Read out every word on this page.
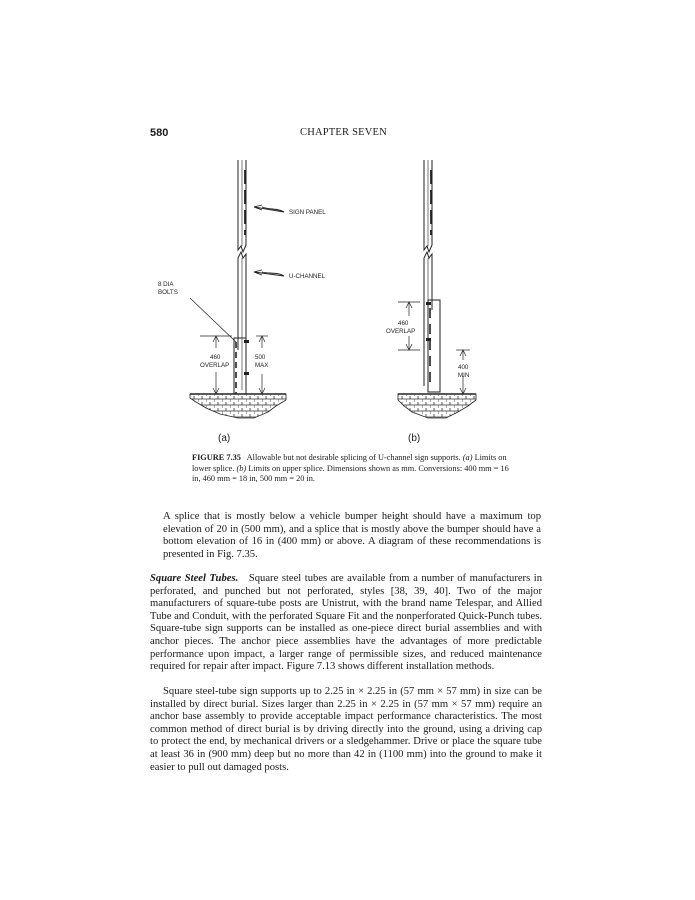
580	CHAPTER SEVEN
SIGN PANEL
U-CHANNEL
8 DIA
BOLTS
460
OVERLAP
500
MAX
460
OVERLAP
400
MIN
(a)	(b)
FIGURE 7.35 Allowable but not desirable splicing of U-channel sign supports. (a) Limits on lower splice. (b) Limits on upper splice. Dimensions shown as mm. Conversions: 400 mm = 16 in, 460 mm = 18 in, 500 mm = 20 in.

A splice that is mostly below a vehicle bumper height should have a maximum top elevation of 20 in (500 mm), and a splice that is mostly above the bumper should have a bottom elevation of 16 in (400 mm) or above. A diagram of these recommendations is presented in Fig. 7.35.

Square Steel Tubes. Square steel tubes are available from a number of manufacturers in perforated, and punched but not perforated, styles [38, 39, 40]. Two of the major manufacturers of square-tube posts are Unistrut, with the brand name Telespar, and Allied Tube and Conduit, with the perforated Square Fit and the nonperforated Quick-Punch tubes. Square-tube sign supports can be installed as one-piece direct burial assemblies and with anchor pieces. The anchor piece assemblies have the advantages of more predictable performance upon impact, a larger range of permissible sizes, and reduced maintenance required for repair after impact. Figure 7.13 shows different installation methods.

Square steel-tube sign supports up to 2.25 in × 2.25 in (57 mm × 57 mm) in size can be installed by direct burial. Sizes larger than 2.25 in × 2.25 in (57 mm × 57 mm) require an anchor base assembly to provide acceptable impact performance characteristics. The most common method of direct burial is by driving directly into the ground, using a driving cap to protect the end, by mechanical drivers or a sledgehammer. Drive or place the square tube at least 36 in (900 mm) deep but no more than 42 in (1100 mm) into the ground to make it easier to pull out damaged posts.
